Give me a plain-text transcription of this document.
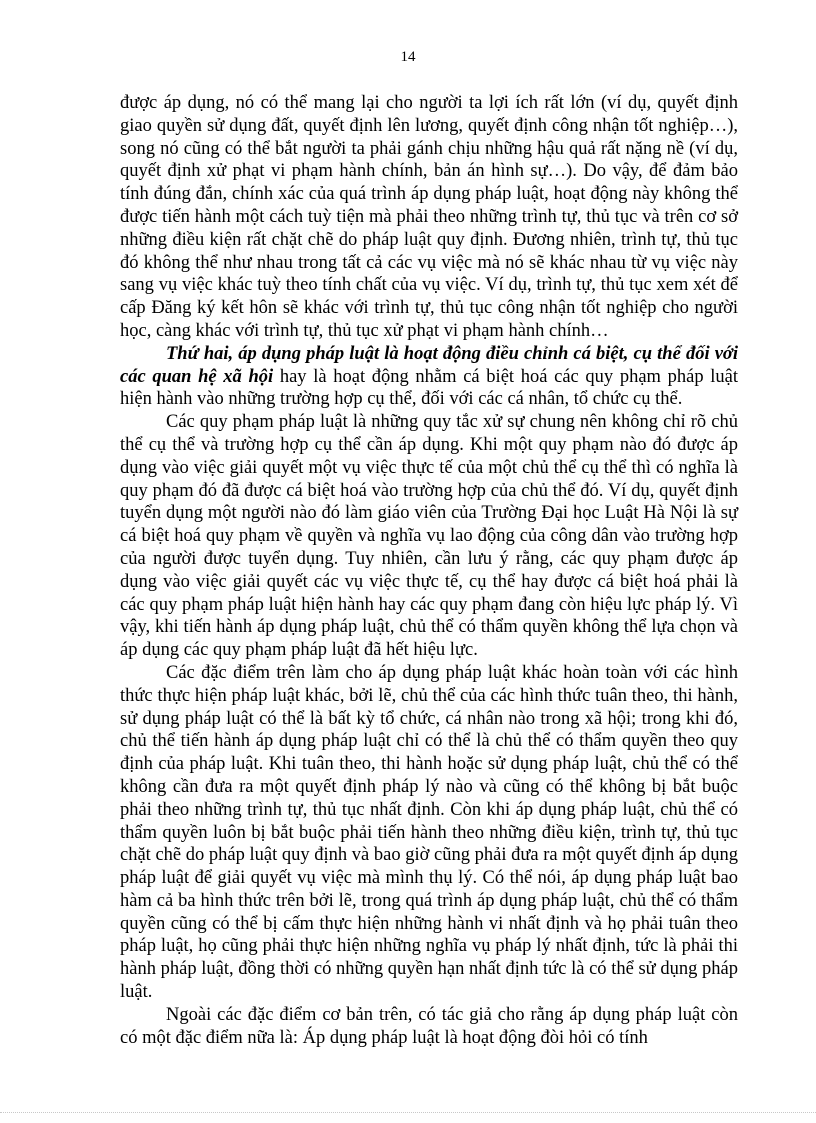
14

được áp dụng, nó có thể mang lại cho người ta lợi ích rất lớn (ví dụ, quyết định giao quyền sử dụng đất, quyết định lên lương, quyết định công nhận tốt nghiệp…), song nó cũng có thể bắt người ta phải gánh chịu những hậu quả rất nặng nề (ví dụ, quyết định xử phạt vi phạm hành chính, bản án hình sự…). Do vậy, để đảm bảo tính đúng đắn, chính xác của quá trình áp dụng pháp luật, hoạt động này không thể được tiến hành một cách tuỳ tiện mà phải theo những trình tự, thủ tục và trên cơ sở những điều kiện rất chặt chẽ do pháp luật quy định. Đương nhiên, trình tự, thủ tục đó không thể như nhau trong tất cả các vụ việc mà nó sẽ khác nhau từ vụ việc này sang vụ việc khác tuỳ theo tính chất của vụ việc. Ví dụ, trình tự, thủ tục xem xét để cấp Đăng ký kết hôn sẽ khác với trình tự, thủ tục công nhận tốt nghiệp cho người học, càng khác với trình tự, thủ tục xử phạt vi phạm hành chính…

Thứ hai, áp dụng pháp luật là hoạt động điều chỉnh cá biệt, cụ thể đối với các quan hệ xã hội hay là hoạt động nhằm cá biệt hoá các quy phạm pháp luật hiện hành vào những trường hợp cụ thể, đối với các cá nhân, tổ chức cụ thể.

Các quy phạm pháp luật là những quy tắc xử sự chung nên không chỉ rõ chủ thể cụ thể và trường hợp cụ thể cần áp dụng. Khi một quy phạm nào đó được áp dụng vào việc giải quyết một vụ việc thực tế của một chủ thể cụ thể thì có nghĩa là quy phạm đó đã được cá biệt hoá vào trường hợp của chủ thể đó. Ví dụ, quyết định tuyển dụng một người nào đó làm giáo viên của Trường Đại học Luật Hà Nội là sự cá biệt hoá quy phạm về quyền và nghĩa vụ lao động của công dân vào trường hợp của người được tuyển dụng. Tuy nhiên, cần lưu ý rằng, các quy phạm được áp dụng vào việc giải quyết các vụ việc thực tế, cụ thể hay được cá biệt hoá phải là các quy phạm pháp luật hiện hành hay các quy phạm đang còn hiệu lực pháp lý. Vì vậy, khi tiến hành áp dụng pháp luật, chủ thể có thẩm quyền không thể lựa chọn và áp dụng các quy phạm pháp luật đã hết hiệu lực.

Các đặc điểm trên làm cho áp dụng pháp luật khác hoàn toàn với các hình thức thực hiện pháp luật khác, bởi lẽ, chủ thể của các hình thức tuân theo, thi hành, sử dụng pháp luật có thể là bất kỳ tổ chức, cá nhân nào trong xã hội; trong khi đó, chủ thể tiến hành áp dụng pháp luật chỉ có thể là chủ thể có thẩm quyền theo quy định của pháp luật. Khi tuân theo, thi hành hoặc sử dụng pháp luật, chủ thể có thể không cần đưa ra một quyết định pháp lý nào và cũng có thể không bị bắt buộc phải theo những trình tự, thủ tục nhất định. Còn khi áp dụng pháp luật, chủ thể có thẩm quyền luôn bị bắt buộc phải tiến hành theo những điều kiện, trình tự, thủ tục chặt chẽ do pháp luật quy định và bao giờ cũng phải đưa ra một quyết định áp dụng pháp luật để giải quyết vụ việc mà mình thụ lý. Có thể nói, áp dụng pháp luật bao hàm cả ba hình thức trên bởi lẽ, trong quá trình áp dụng pháp luật, chủ thể có thẩm quyền cũng có thể bị cấm thực hiện những hành vi nhất định và họ phải tuân theo pháp luật, họ cũng phải thực hiện những nghĩa vụ pháp lý nhất định, tức là phải thi hành pháp luật, đồng thời có những quyền hạn nhất định tức là có thể sử dụng pháp luật.

Ngoài các đặc điểm cơ bản trên, có tác giả cho rằng áp dụng pháp luật còn có một đặc điểm nữa là: Áp dụng pháp luật là hoạt động đòi hỏi có tính
